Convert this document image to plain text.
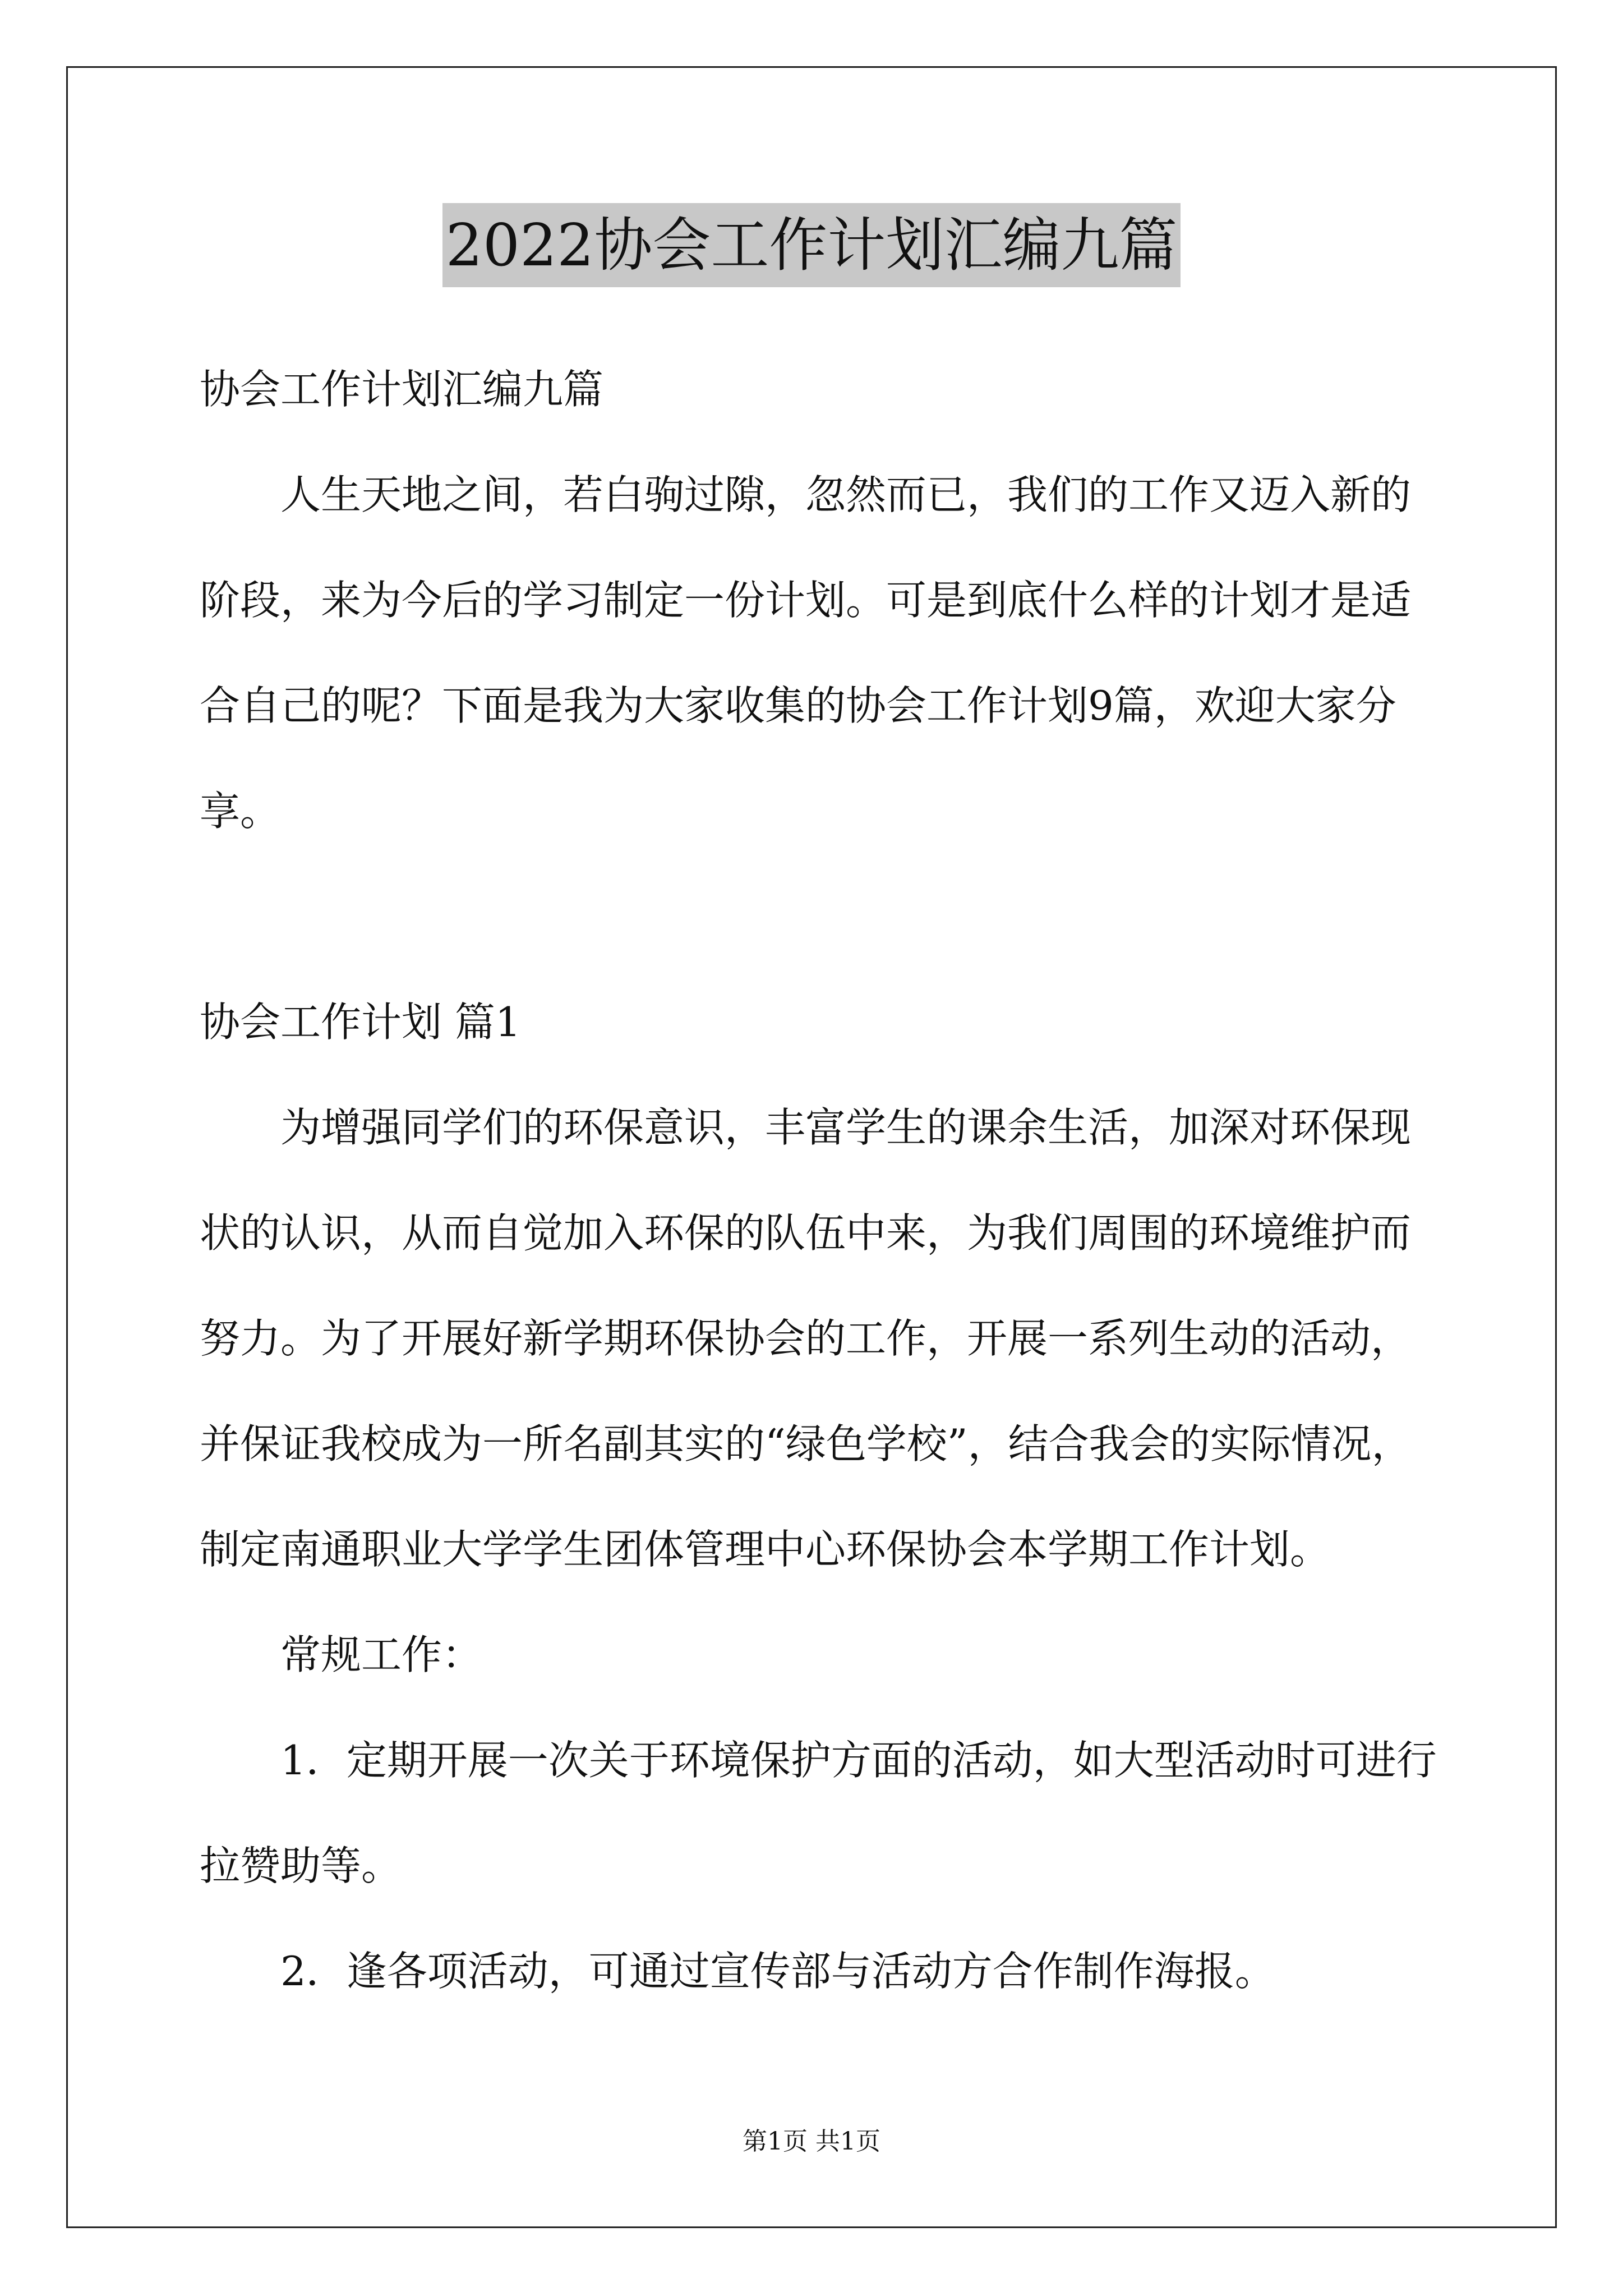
2022协会工作计划汇编九篇
协会工作计划汇编九篇
人生天地之间，若白驹过隙，忽然而已，我们的工作又迈入新的
阶段，来为今后的学习制定一份计划。可是到底什么样的计划才是适
合自己的呢？下面是我为大家收集的协会工作计划9篇，欢迎大家分
享。
协会工作计划 篇1
为增强同学们的环保意识，丰富学生的课余生活，加深对环保现
状的认识，从而自觉加入环保的队伍中来，为我们周围的环境维护而
努力。为了开展好新学期环保协会的工作，开展一系列生动的活动，
并保证我校成为一所名副其实的“绿色学校”，结合我会的实际情况，
制定南通职业大学学生团体管理中心环保协会本学期工作计划。
常规工作：
1．定期开展一次关于环境保护方面的活动，如大型活动时可进行
拉赞助等。
2．逢各项活动，可通过宣传部与活动方合作制作海报。
第1页 共1页
